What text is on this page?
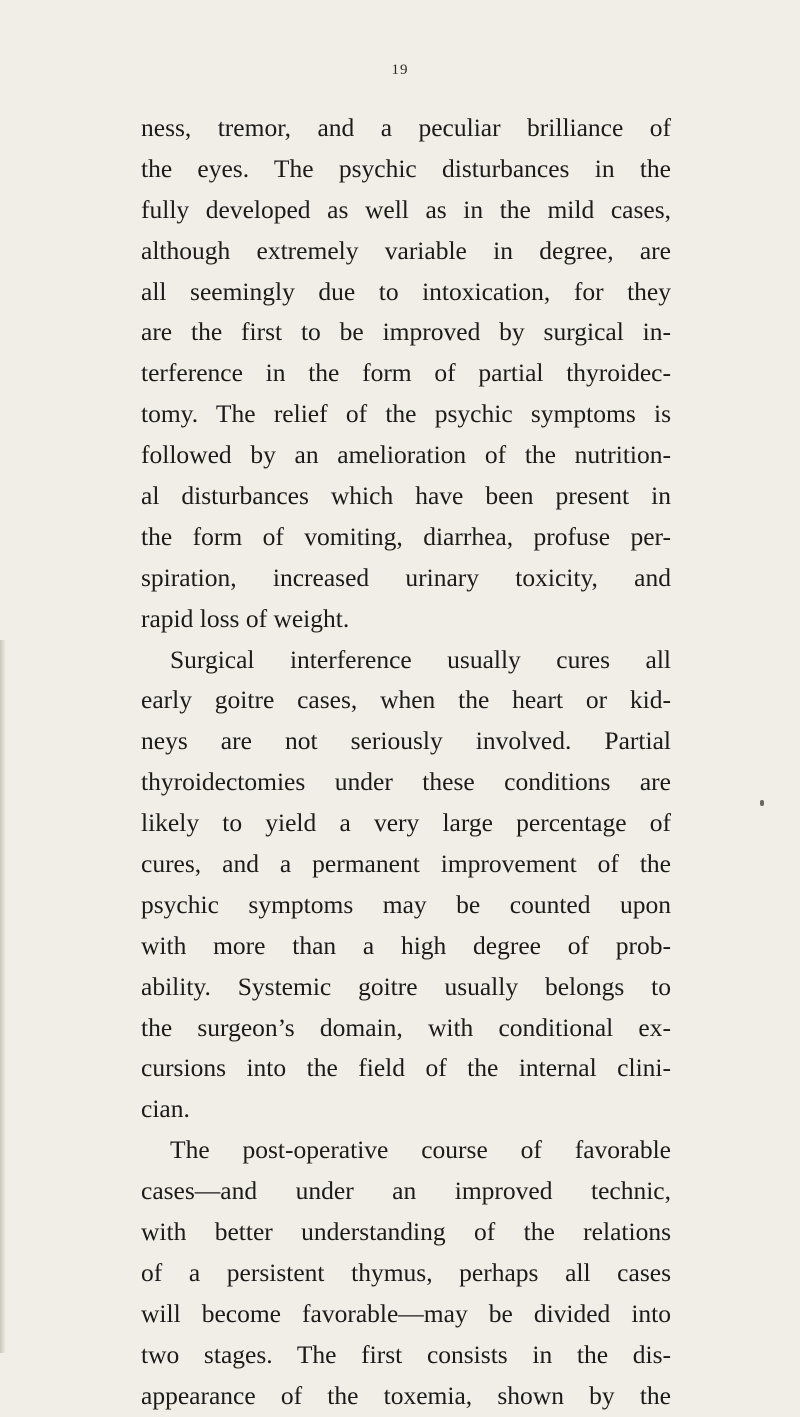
19
ness, tremor, and a peculiar brilliance of
the eyes. The psychic disturbances in the
fully developed as well as in the mild cases,
although extremely variable in degree, are
all seemingly due to intoxication, for they
are the first to be improved by surgical in-
terference in the form of partial thyroidec-
tomy. The relief of the psychic symptoms is
followed by an amelioration of the nutrition-
al disturbances which have been present in
the form of vomiting, diarrhea, profuse per-
spiration, increased urinary toxicity, and
rapid loss of weight.
Surgical interference usually cures all
early goitre cases, when the heart or kid-
neys are not seriously involved. Partial
thyroidectomies under these conditions are
likely to yield a very large percentage of
cures, and a permanent improvement of the
psychic symptoms may be counted upon
with more than a high degree of prob-
ability. Systemic goitre usually belongs to
the surgeon’s domain, with conditional ex-
cursions into the field of the internal clini-
cian.
The post-operative course of favorable
cases—and under an improved technic,
with better understanding of the relations
of a persistent thymus, perhaps all cases
will become favorable—may be divided into
two stages. The first consists in the dis-
appearance of the toxemia, shown by the
